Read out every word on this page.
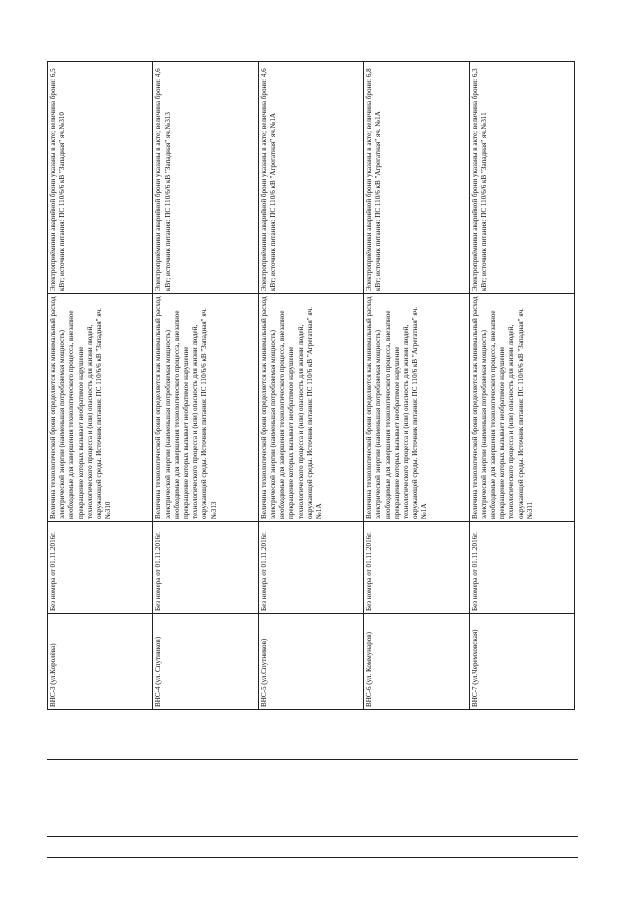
ВНС-3 (ул.Королёва)	Без номера от 01.11.2016г.	Величина технологической брони определяется как минимальный расход электрической энергии (наименьшая потребляемая мощность) необходимые для завершения технологического процесса, внезапное прекращение которых вызывает необратимое нарушение технологического процесса и (или) опасность для жизни людей, окружающей среды. Источник питания: ПС 110/6/6 кВ "Западная" яч.№310	Электроприёмники аварийной брони указаны в акте; величина брони: 6,5 кВт; источник питания: ПС 110/6/6 кВ "Западная" яч.№310
ВНС-4 (ул. Спутников)	Без номера от 01.11.2016г.	Величина технологической брони определяется как минимальный расход электрической энергии (наименьшая потребляемая мощность) необходимые для завершения технологического процесса, внезапное прекращение которых вызывает необратимое нарушение технологического процесса и (или) опасность для жизни людей, окружающей среды. Источник питания: ПС 110/6/6 кВ "Западная" яч.№313	Электроприёмники аварийной брони указаны в акте; величина брони: 4,6 кВт; источник питания: ПС 110/6/6 кВ "Западная" яч.№313
ВНС-5 (ул.Спутников)	Без номера от 01.11.2016г.	Величина технологической брони определяется как минимальный расход электрической энергии (наименьшая потребляемая мощность) необходимые для завершения технологического процесса, внезапное прекращение которых вызывает необратимое нарушение технологического процесса и (или) опасность для жизни людей, окружающей среды. Источник питания: ПС 110/6 кВ "Агрегатная" яч.№1А	Электроприёмники аварийной брони указаны в акте; величина брони: 4,6 кВт; источник питания: ПС 110/6 кВ "Агрегатная" яч.№1А
ВНС-6 (ул. Коммунаров)	Без номера от 01.11.2016г.	Величина технологической брони определяется как минимальный расход электрической энергии (наименьшая потребляемая мощность) необходимые для завершения технологического процесса, внезапное прекращение которых вызывает необратимое нарушение технологического процесса и (или) опасность для жизни людей, окружающей среды. Источник питания: ПС 110/6 кВ "Агрегатная" яч.№1А	Электроприёмники аварийной брони указаны в акте; величина брони: 6,8 кВт; источник питания: ПС 110/6 кВ "Агрегатная" яч. №1А
ВНС-7 (ул.Черемховская)	Без номера от 01.11.2016г.	Величина технологической брони определяется как минимальный расход электрической энергии (наименьшая потребляемая мощность) необходимые для завершения технологического процесса, внезапное прекращение которых вызывает необратимое нарушение технологического процесса и (или) опасность для жизни людей, окружающей среды. Источник питания: ПС 110/6/6 кВ "Западная" яч. №311	Электроприёмники аварийной брони указаны в акте; величина брони: 6,3 кВт; источник питания: ПС 110/6/6 кВ "Западная" яч.№311
